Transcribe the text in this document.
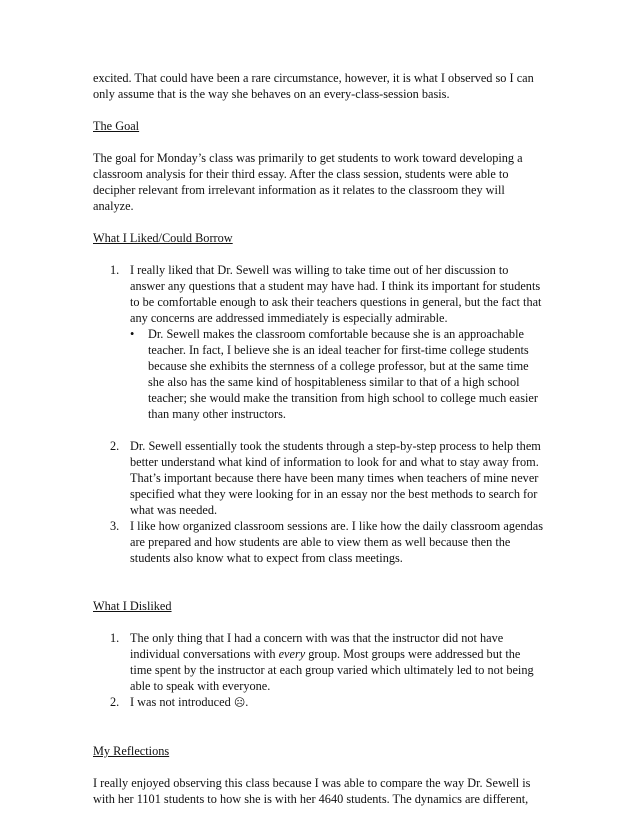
excited. That could have been a rare circumstance, however, it is what I observed so I can only assume that is the way she behaves on an every-class-session basis.

The Goal

The goal for Monday’s class was primarily to get students to work toward developing a classroom analysis for their third essay. After the class session, students were able to decipher relevant from irrelevant information as it relates to the classroom they will analyze.

What I Liked/Could Borrow

1. I really liked that Dr. Sewell was willing to take time out of her discussion to answer any questions that a student may have had. I think its important for students to be comfortable enough to ask their teachers questions in general, but the fact that any concerns are addressed immediately is especially admirable.

• Dr. Sewell makes the classroom comfortable because she is an approachable teacher. In fact, I believe she is an ideal teacher for first-time college students because she exhibits the sternness of a college professor, but at the same time she also has the same kind of hospitableness similar to that of a high school teacher; she would make the transition from high school to college much easier than many other instructors.

2. Dr. Sewell essentially took the students through a step-by-step process to help them better understand what kind of information to look for and what to stay away from. That’s important because there have been many times when teachers of mine never specified what they were looking for in an essay nor the best methods to search for what was needed.

3. I like how organized classroom sessions are. I like how the daily classroom agendas are prepared and how students are able to view them as well because then the students also know what to expect from class meetings.

What I Disliked

1. The only thing that I had a concern with was that the instructor did not have individual conversations with every group. Most groups were addressed but the time spent by the instructor at each group varied which ultimately led to not being able to speak with everyone.

2. I was not introduced ☹.

My Reflections

I really enjoyed observing this class because I was able to compare the way Dr. Sewell is with her 1101 students to how she is with her 4640 students. The dynamics are different,
